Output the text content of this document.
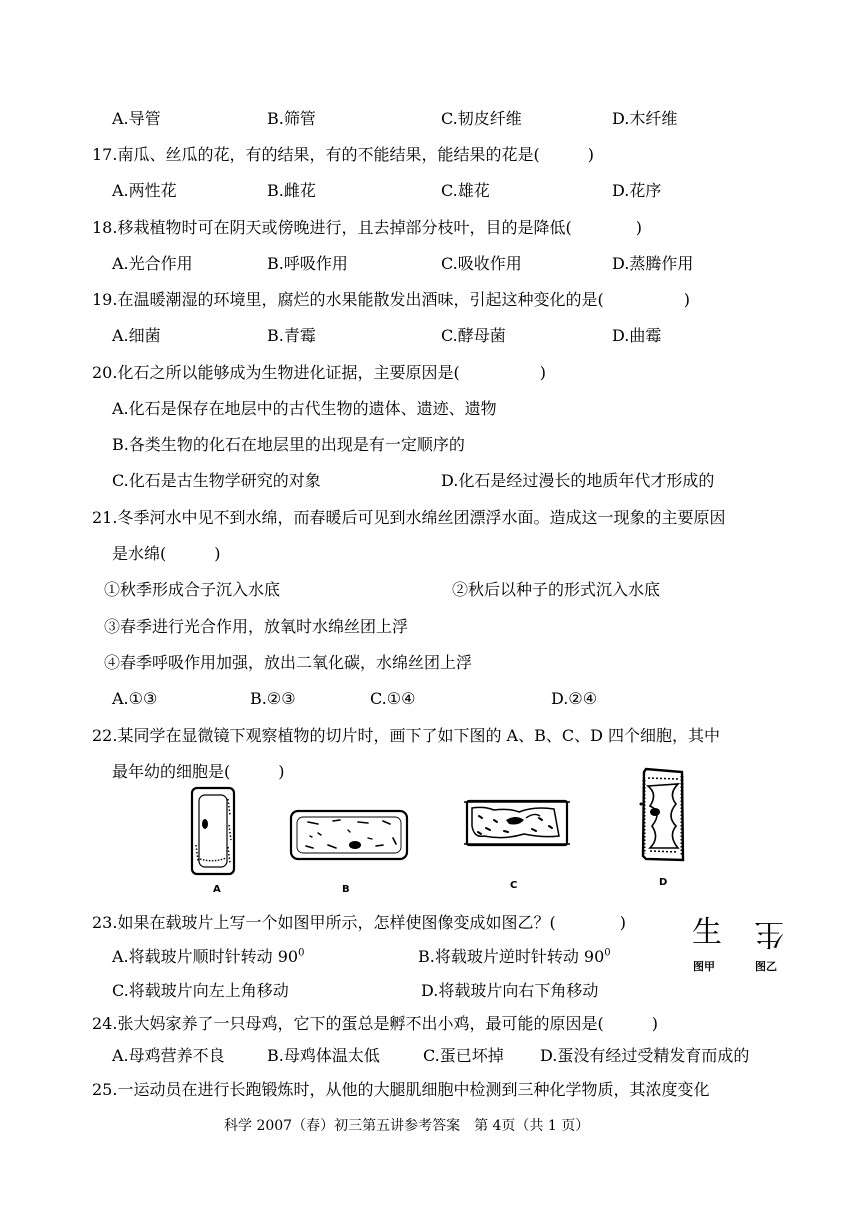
A.导管	B.筛管	C.韧皮纤维	D.木纤维
17.南瓜、丝瓜的花，有的结果，有的不能结果，能结果的花是(　　　)
A.两性花	B.雌花	C.雄花	D.花序
18.移栽植物时可在阴天或傍晚进行，且去掉部分枝叶，目的是降低(　　　　)
A.光合作用	B.呼吸作用	C.吸收作用	D.蒸腾作用
19.在温暖潮湿的环境里，腐烂的水果能散发出酒味，引起这种变化的是(　　　　　)
A.细菌	B.青霉	C.酵母菌	D.曲霉
20.化石之所以能够成为生物进化证据，主要原因是(　　　　　)
A.化石是保存在地层中的古代生物的遗体、遗迹、遗物
B.各类生物的化石在地层里的出现是有一定顺序的
C.化石是古生物学研究的对象	D.化石是经过漫长的地质年代才形成的
21.冬季河水中见不到水绵，而春暖后可见到水绵丝团漂浮水面。造成这一现象的主要原因
是水绵(　　　)
①秋季形成合子沉入水底	②秋后以种子的形式沉入水底
③春季进行光合作用，放氧时水绵丝团上浮
④春季呼吸作用加强，放出二氧化碳，水绵丝团上浮
A.①③	B.②③	C.①④	D.②④
22.某同学在显微镜下观察植物的切片时，画下了如下图的 A、B、C、D 四个细胞，其中
最年幼的细胞是(　　　)
A	B	C	D
23.如果在载玻片上写一个如图甲所示，怎样使图像变成如图乙？(　　　　)
A.将载玻片顺时针转动 $90^0$	B.将载玻片逆时针转动 $90^0$
C.将载玻片向左上角移动	D.将载玻片向右下角移动
生 生
图甲	图乙
24.张大妈家养了一只母鸡，它下的蛋总是孵不出小鸡，最可能的原因是(　　　)
A.母鸡营养不良	B.母鸡体温太低	C.蛋已坏掉 D.蛋没有经过受精发育而成的
25.一运动员在进行长跑锻炼时，从他的大腿肌细胞中检测到三种化学物质，其浓度变化
科学 2007（春）初三第五讲参考答案　第 4页（共 1 页）
